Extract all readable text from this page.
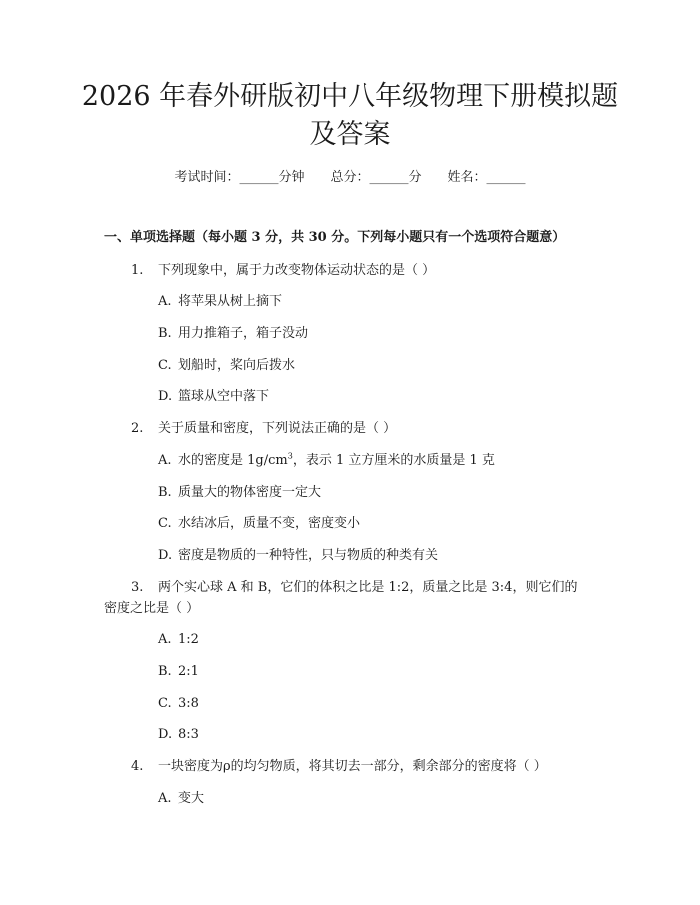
2026 年春外研版初中八年级物理下册模拟题
及答案
考试时间：______分钟 总分：______分 姓名：______
一、单项选择题（每小题 3 分，共 30 分。下列每小题只有一个选项符合题意）
1. 下列现象中，属于力改变物体运动状态的是（ ）
A. 将苹果从树上摘下
B. 用力推箱子，箱子没动
C. 划船时，桨向后拨水
D. 篮球从空中落下
2. 关于质量和密度，下列说法正确的是（ ）
A. 水的密度是 $1g/cm^3$，表示 1 立方厘米的水质量是 1 克
B. 质量大的物体密度一定大
C. 水结冰后，质量不变，密度变小
D. 密度是物质的一种特性，只与物质的种类有关
3. 两个实心球 A 和 B，它们的体积之比是 1:2，质量之比是 3:4，则它们的
密度之比是（ ）
A. 1:2
B. 2:1
C. 3:8
D. 8:3
4. 一块密度为ρ的均匀物质，将其切去一部分，剩余部分的密度将（ ）
A. 变大
